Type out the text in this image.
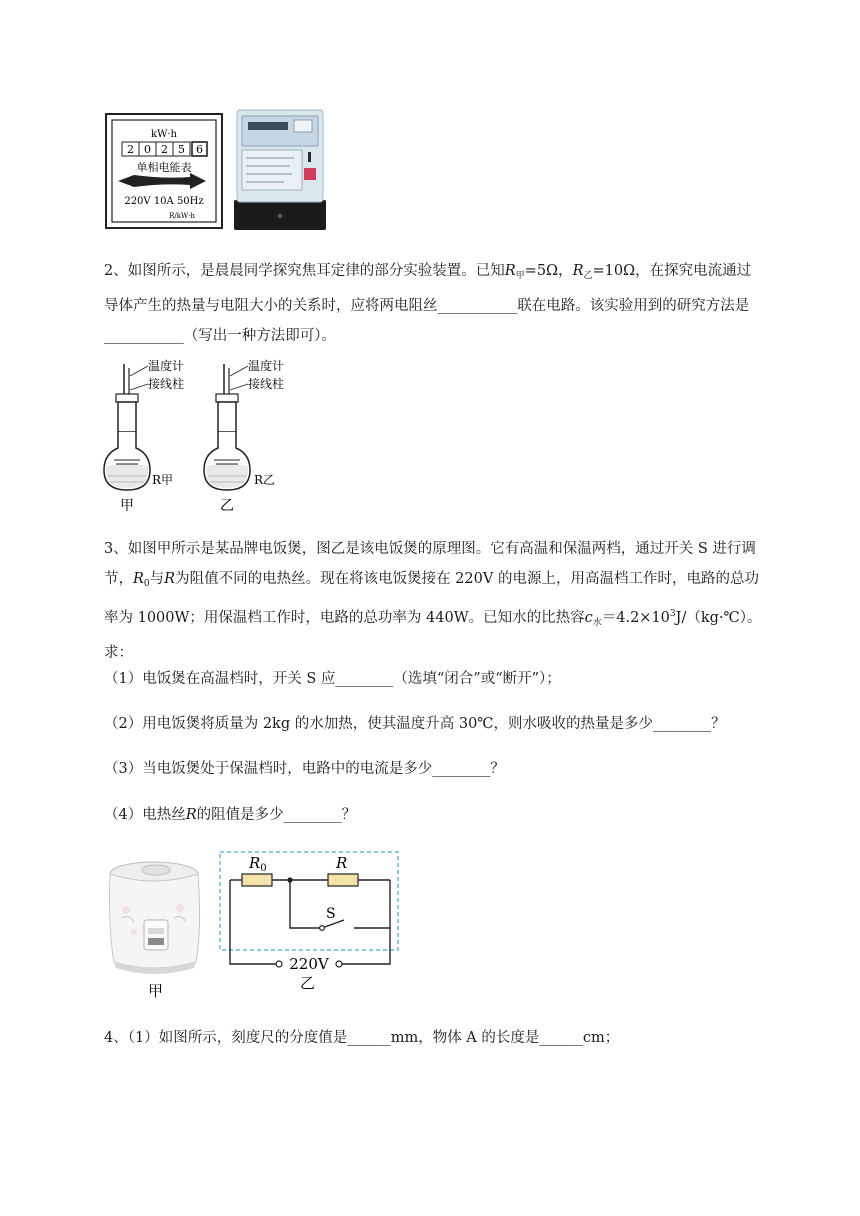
kW·h
2 0 2 5 6
单相电能表
220V 10A 50Hz
R/kW·h
2、如图所示，是晨晨同学探究焦耳定律的部分实验装置。已知$R_甲=5\Omega$，$R_乙=10\Omega$，在探究电流通过
导体产生的热量与电阻大小的关系时，应将两电阻丝___________联在电路。该实验用到的研究方法是
___________（写出一种方法即可）。
温度计
接线柱
R甲
甲
温度计
接线柱
R乙
乙
3、如图甲所示是某品牌电饭煲，图乙是该电饭煲的原理图。它有高温和保温两档，通过开关 S 进行调
节，$R_0$与R为阻值不同的电热丝。现在将该电饭煲接在 220V 的电源上，用高温档工作时，电路的总功
率为 1000W；用保温档工作时，电路的总功率为 440W。已知水的比热容$c_水=4.2\times 10^3J/(kg\cdot℃)$。
求：
（1）电饭煲在高温档时，开关 S 应________（选填“闭合”或“断开”）；
（2）用电饭煲将质量为 2kg 的水加热，使其温度升高 30℃，则水吸收的热量是多少________？
（3）当电饭煲处于保温档时，电路中的电流是多少________？
（4）电热丝R的阻值是多少________？
甲
$R_0$	R
S
220V
乙
4、（1）如图所示，刻度尺的分度值是______mm，物体 A 的长度是______cm；
